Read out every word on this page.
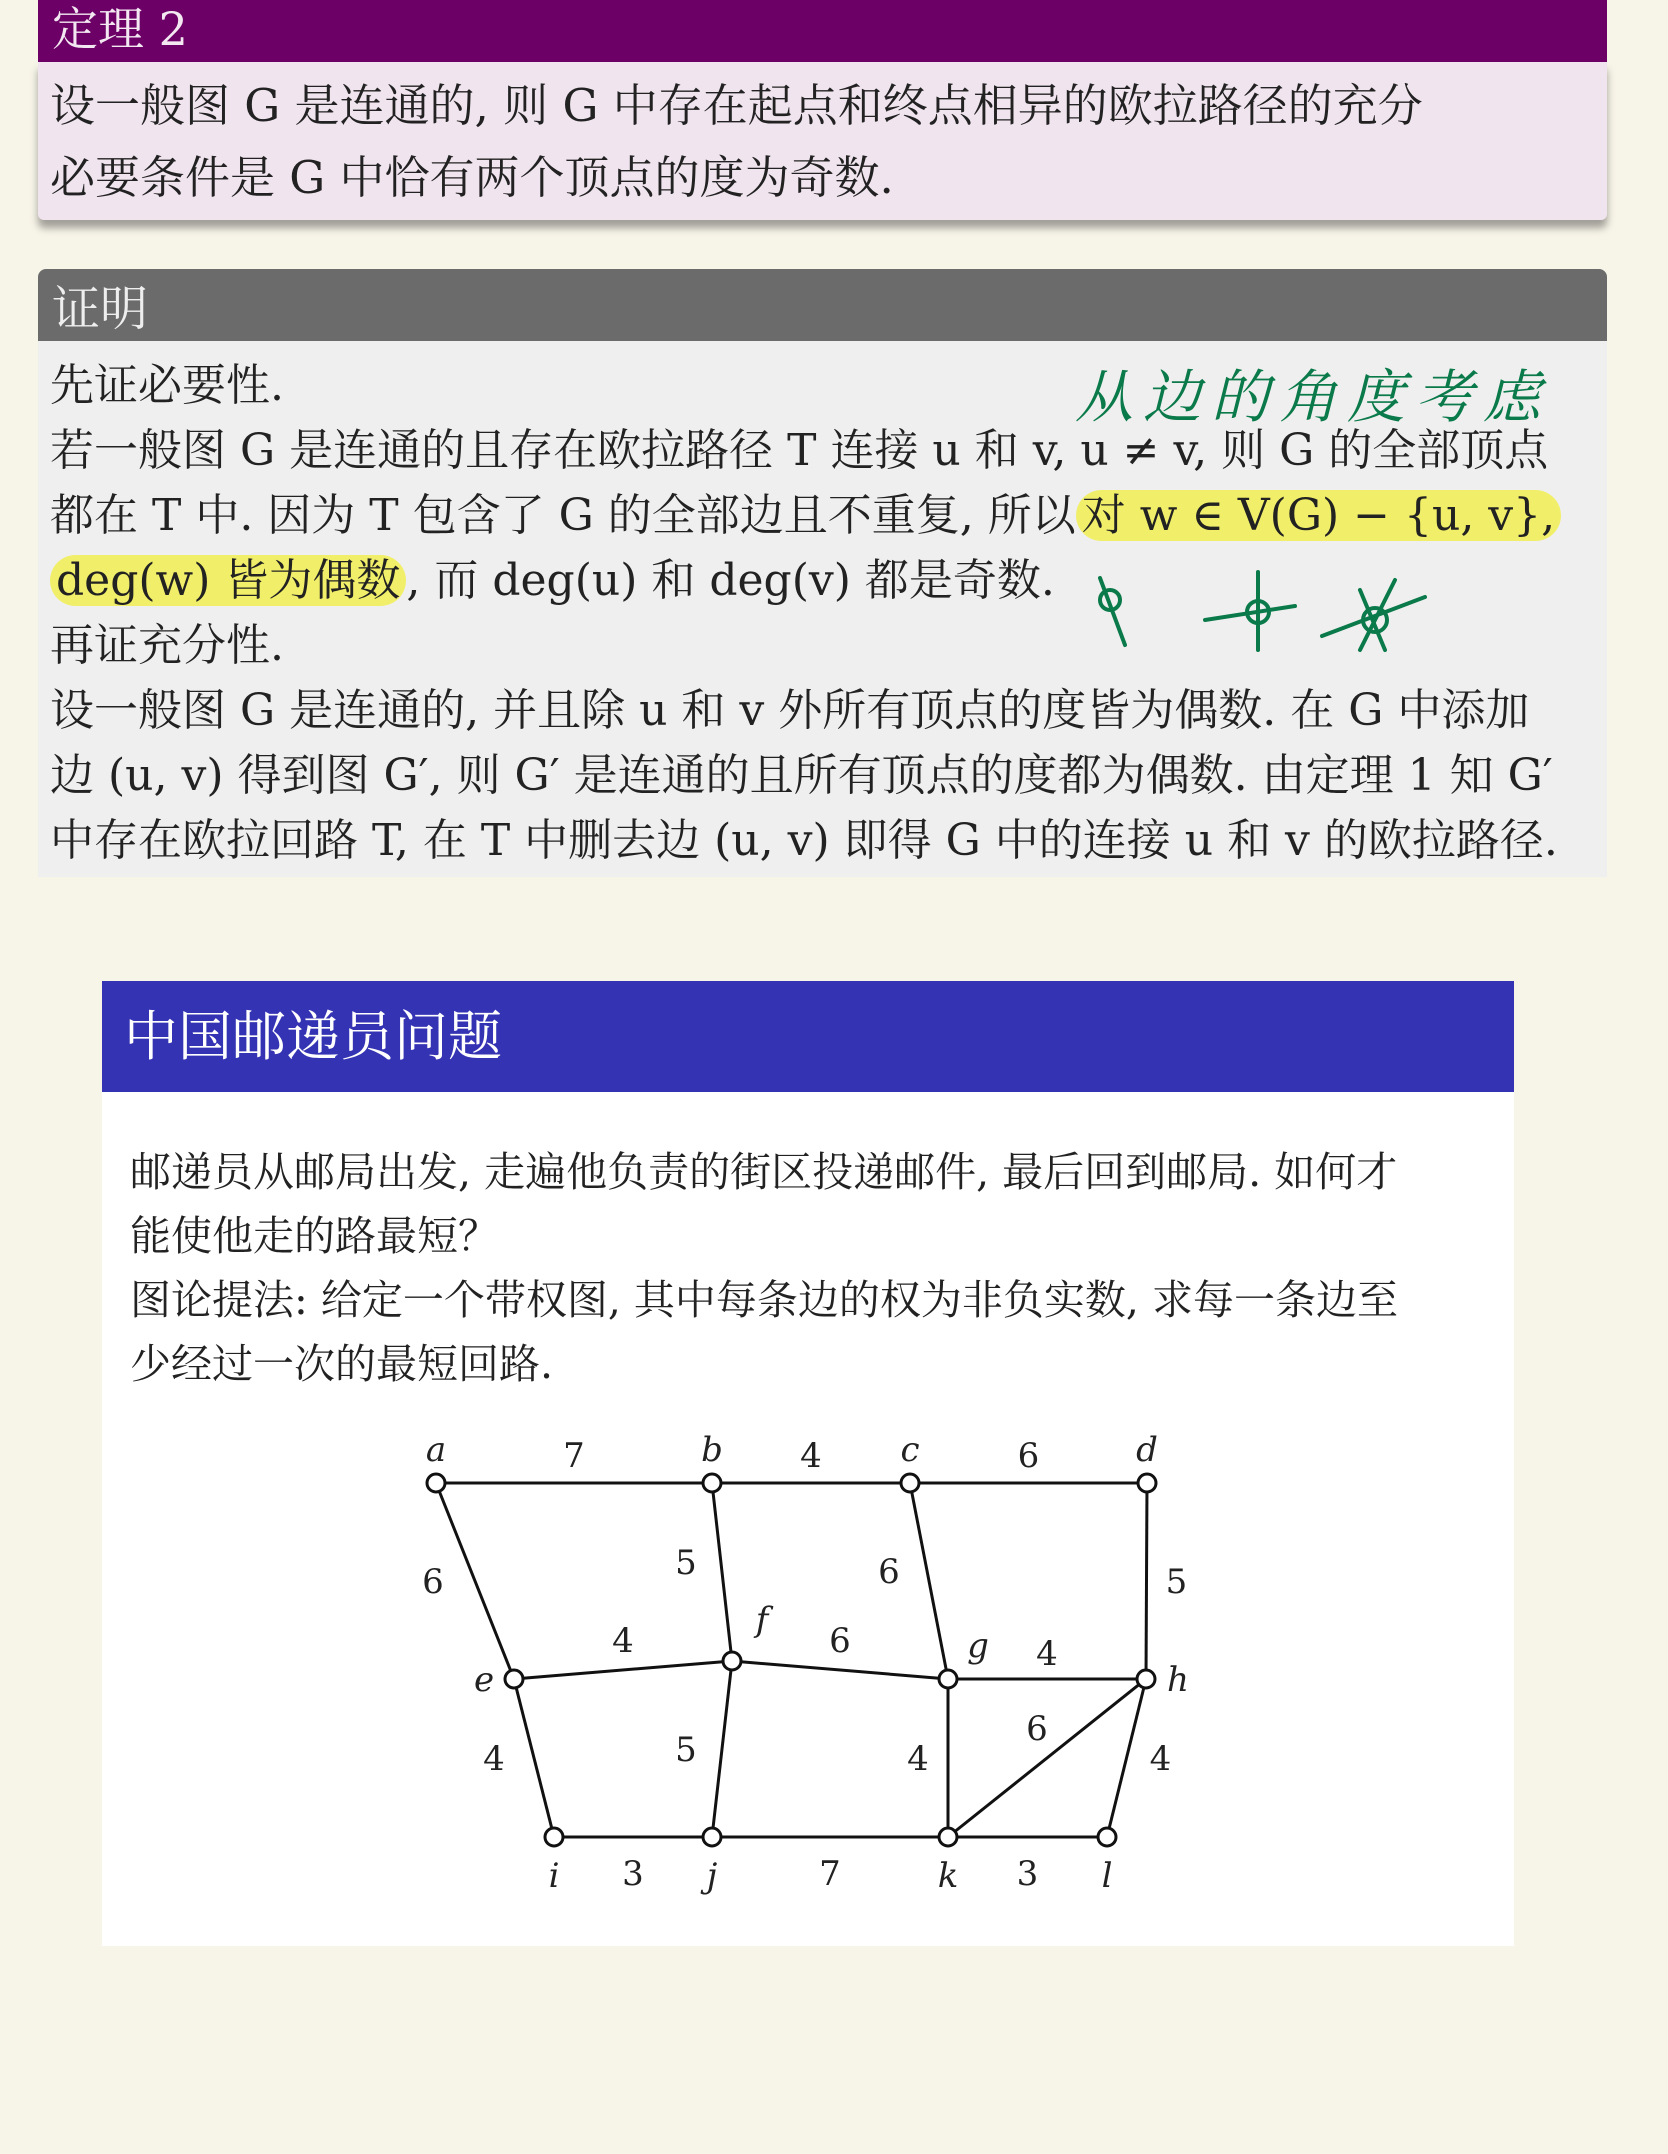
定理 2
设一般图 G 是连通的, 则 G 中存在起点和终点相异的欧拉路径的充分
必要条件是 G 中恰有两个顶点的度为奇数.
证明
先证必要性.
若一般图 G 是连通的且存在欧拉路径 T 连接 u 和 v, u ≠ v, 则 G 的全部顶点
都在 T 中. 因为 T 包含了 G 的全部边且不重复, 所以 对 w ∈ V(G) − {u, v},
deg(w) 皆为偶数 , 而 deg(u) 和 deg(v) 都是奇数.
再证充分性.
设一般图 G 是连通的, 并且除 u 和 v 外所有顶点的度皆为偶数. 在 G 中添加
边 (u, v) 得到图 G′, 则 G′ 是连通的且所有顶点的度都为偶数. 由定理 1 知 G′
中存在欧拉回路 T, 在 T 中删去边 (u, v) 即得 G 中的连接 u 和 v 的欧拉路径.
从边的角度考虑
中国邮递员问题
邮递员从邮局出发, 走遍他负责的街区投递邮件, 最后回到邮局. 如何才
能使他走的路最短？
图论提法: 给定一个带权图, 其中每条边的权为非负实数, 求每一条边至
少经过一次的最短回路.
7	4	6
6	5	6	5
4	6	4
4	5	4
6
4
3	7	3
a	b	c	d
e
f
g
h
i	j	k	l
